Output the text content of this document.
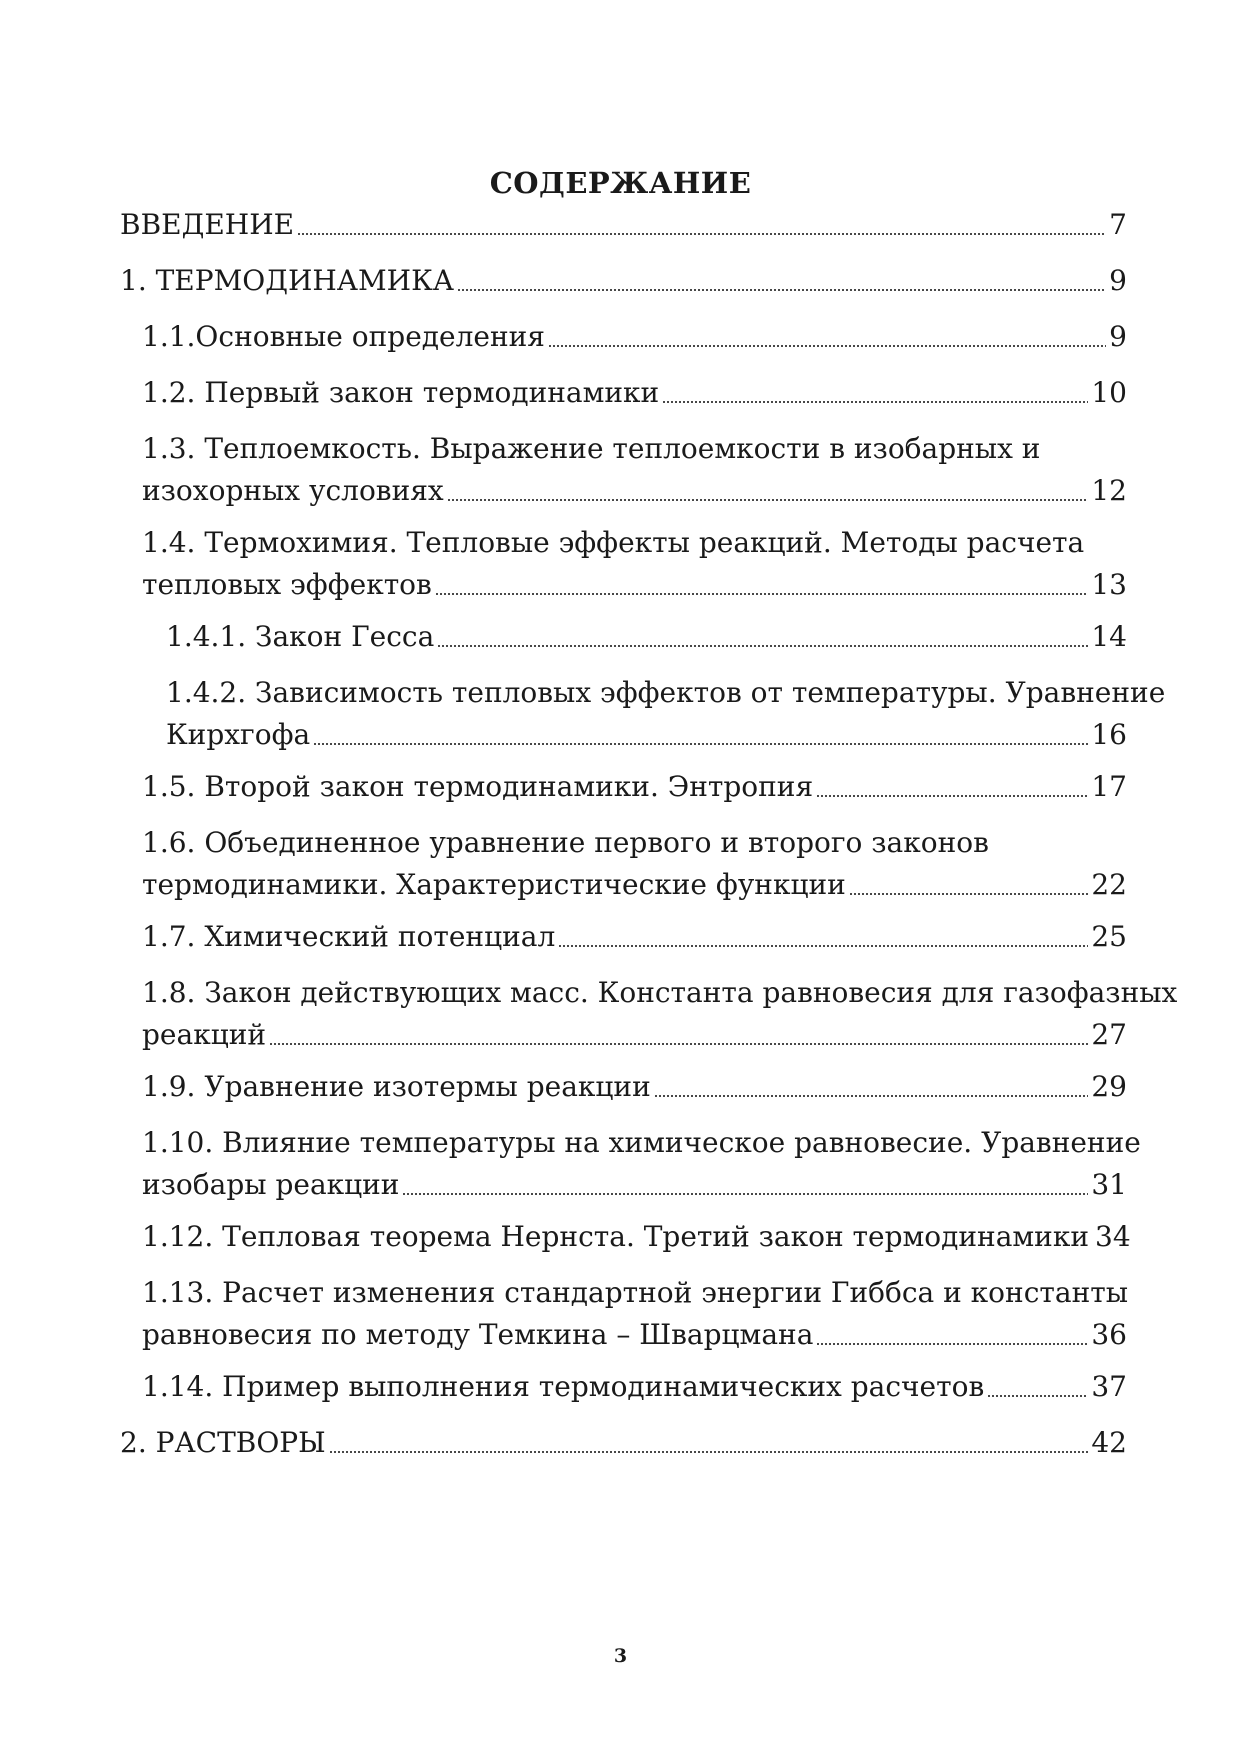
СОДЕРЖАНИЕ
ВВЕДЕНИЕ	7
1. ТЕРМОДИНАМИКА	9
1.1.Основные определения	9
1.2. Первый закон термодинамики	10
1.3. Теплоемкость. Выражение теплоемкости в изобарных и
изохорных условиях	12
1.4. Термохимия. Тепловые эффекты реакций. Методы расчета
тепловых эффектов	13
1.4.1. Закон Гесса	14
1.4.2. Зависимость тепловых эффектов от температуры. Уравнение
Кирхгофа	16
1.5. Второй закон термодинамики. Энтропия	17
1.6. Объединенное уравнение первого и второго законов
термодинамики. Характеристические функции	22
1.7. Химический потенциал	25
1.8. Закон действующих масс. Константа равновесия для газофазных
реакций	27
1.9. Уравнение изотермы реакции	29
1.10. Влияние температуры на химическое равновесие. Уравнение
изобары реакции	31
1.12. Тепловая теорема Нернста. Третий закон термодинамики 34
1.13. Расчет изменения стандартной энергии Гиббса и константы
равновесия по методу Темкина – Шварцмана	36
1.14. Пример выполнения термодинамических расчетов	37
2. РАСТВОРЫ	42
3
